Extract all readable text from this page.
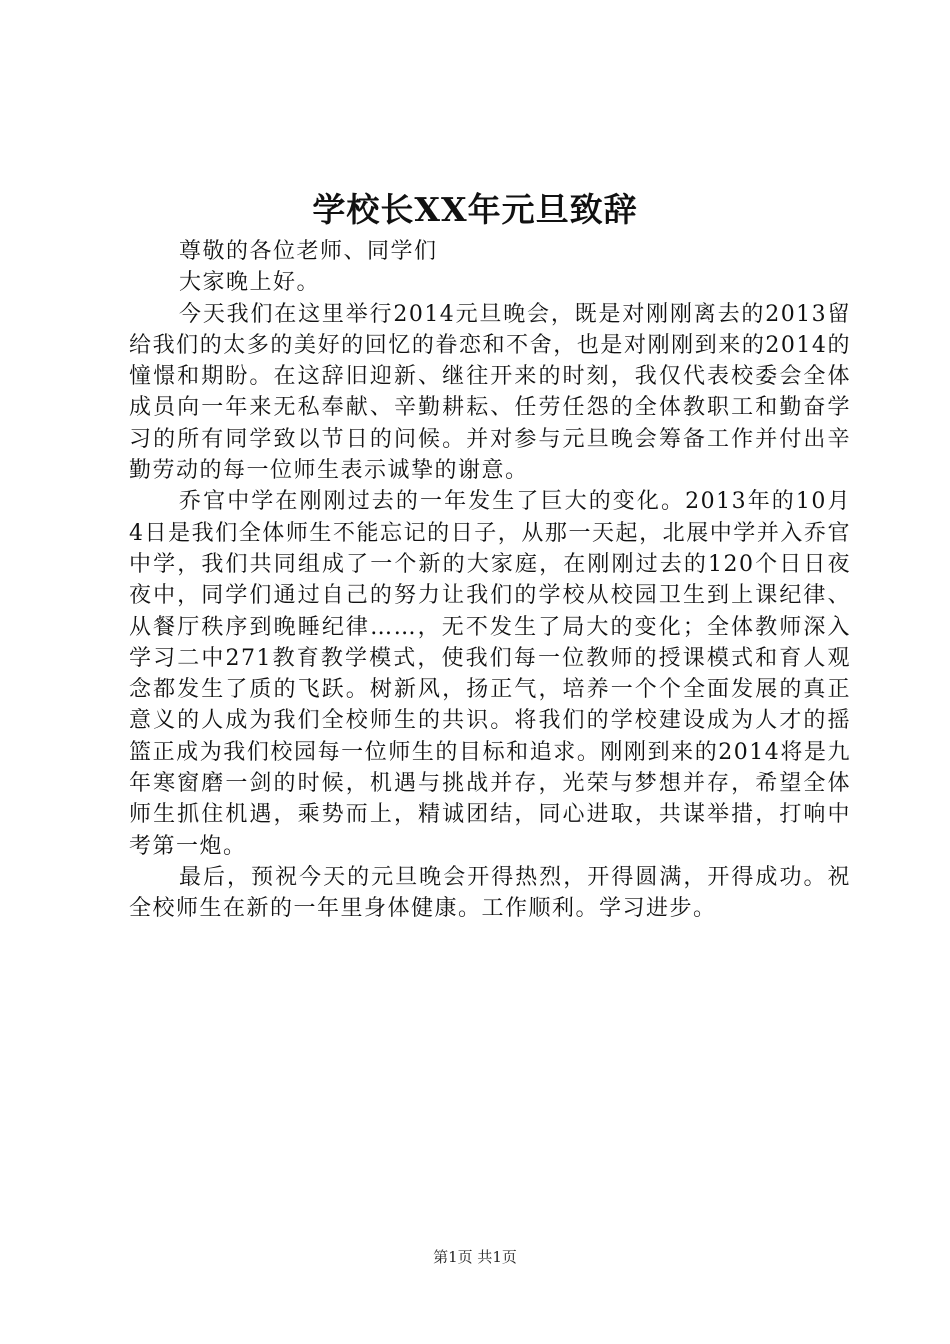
学校长XX年元旦致辞

尊敬的各位老师、同学们

大家晚上好。

今天我们在这里举行2014元旦晚会，既是对刚刚离去的2013留给我们的太多的美好的回忆的眷恋和不舍，也是对刚刚到来的2014的憧憬和期盼。在这辞旧迎新、继往开来的时刻，我仅代表校委会全体成员向一年来无私奉献、辛勤耕耘、任劳任怨的全体教职工和勤奋学习的所有同学致以节日的问候。并对参与元旦晚会筹备工作并付出辛勤劳动的每一位师生表示诚挚的谢意。

乔官中学在刚刚过去的一年发生了巨大的变化。2013年的10月4日是我们全体师生不能忘记的日子，从那一天起，北展中学并入乔官中学，我们共同组成了一个新的大家庭，在刚刚过去的120个日日夜夜中，同学们通过自己的努力让我们的学校从校园卫生到上课纪律、从餐厅秩序到晚睡纪律……，无不发生了局大的变化；全体教师深入学习二中271教育教学模式，使我们每一位教师的授课模式和育人观念都发生了质的飞跃。树新风，扬正气，培养一个个全面发展的真正意义的人成为我们全校师生的共识。将我们的学校建设成为人才的摇篮正成为我们校园每一位师生的目标和追求。刚刚到来的2014将是九年寒窗磨一剑的时候，机遇与挑战并存，光荣与梦想并存，希望全体师生抓住机遇，乘势而上，精诚团结，同心进取，共谋举措，打响中考第一炮。

最后，预祝今天的元旦晚会开得热烈，开得圆满，开得成功。祝全校师生在新的一年里身体健康。工作顺利。学习进步。

第1页 共1页
